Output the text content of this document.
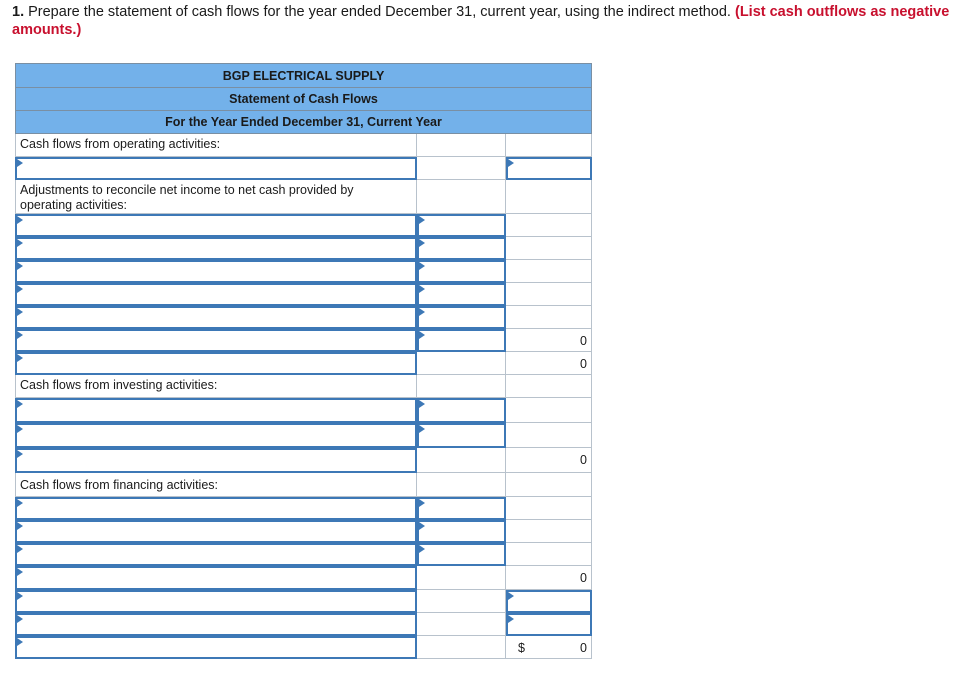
1. Prepare the statement of cash flows for the year ended December 31, current year, using the indirect method. (List cash outflows as negative amounts.)
BGP ELECTRICAL SUPPLY
Statement of Cash Flows
For the Year Ended December 31, Current Year
Cash flows from operating activities:
Adjustments to reconcile net income to net cash provided by operating activities:
0
0
Cash flows from investing activities:
0
Cash flows from financing activities:
0
$	0
